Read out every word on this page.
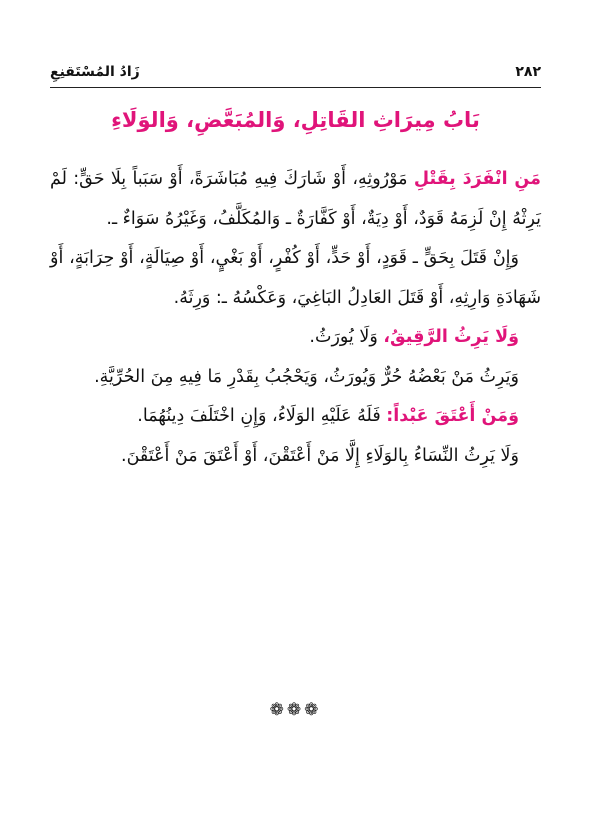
٢٨٢
زَادُ المُسْتَقنِعِ
بَابُ مِيرَاثِ القَاتِلِ، وَالمُبَعَّضِ، وَالوَلَاءِ

مَنِ انْفَرَدَ بِقَتْلِ مَوْرُوثِهِ، أَوْ شَارَكَ فِيهِ مُبَاشَرَةً، أَوْ سَبَباً بِلَا حَقٍّ: لَمْ يَرِثْهُ إِنْ لَزِمَهُ قَوَدٌ، أَوْ دِيَةٌ، أَوْ كَفَّارَةٌ ـ وَالمُكَلَّفُ، وَغَيْرُهُ سَوَاءٌ ـ.

وَإِنْ قَتَلَ بِحَقٍّ ـ قَوَدٍ، أَوْ حَدٍّ، أَوْ كُفْرٍ، أَوْ بَغْيٍ، أَوْ صِيَالَةٍ، أَوْ حِرَابَةٍ، أَوْ شَهَادَةِ وَارِثِهِ، أَوْ قَتَلَ العَادِلُ البَاغِيَ، وَعَكْسُهُ ـ: وَرِثَهُ.

وَلَا يَرِثُ الرَّقِيقُ، وَلَا يُورَثُ.

وَيَرِثُ مَنْ بَعْضُهُ حُرٌّ وَيُورَثُ، وَيَحْجُبُ بِقَدْرِ مَا فِيهِ مِنَ الحُرِّيَّةِ.

وَمَنْ أَعْتَقَ عَبْداً: فَلَهُ عَلَيْهِ الوَلَاءُ، وَإِنِ اخْتَلَفَ دِينُهُمَا.

وَلَا يَرِثُ النِّسَاءُ بِالوَلَاءِ إِلَّا مَنْ أَعْتَقْنَ، أَوْ أَعْتَقَ مَنْ أَعْتَقْنَ.

❁❁❁
